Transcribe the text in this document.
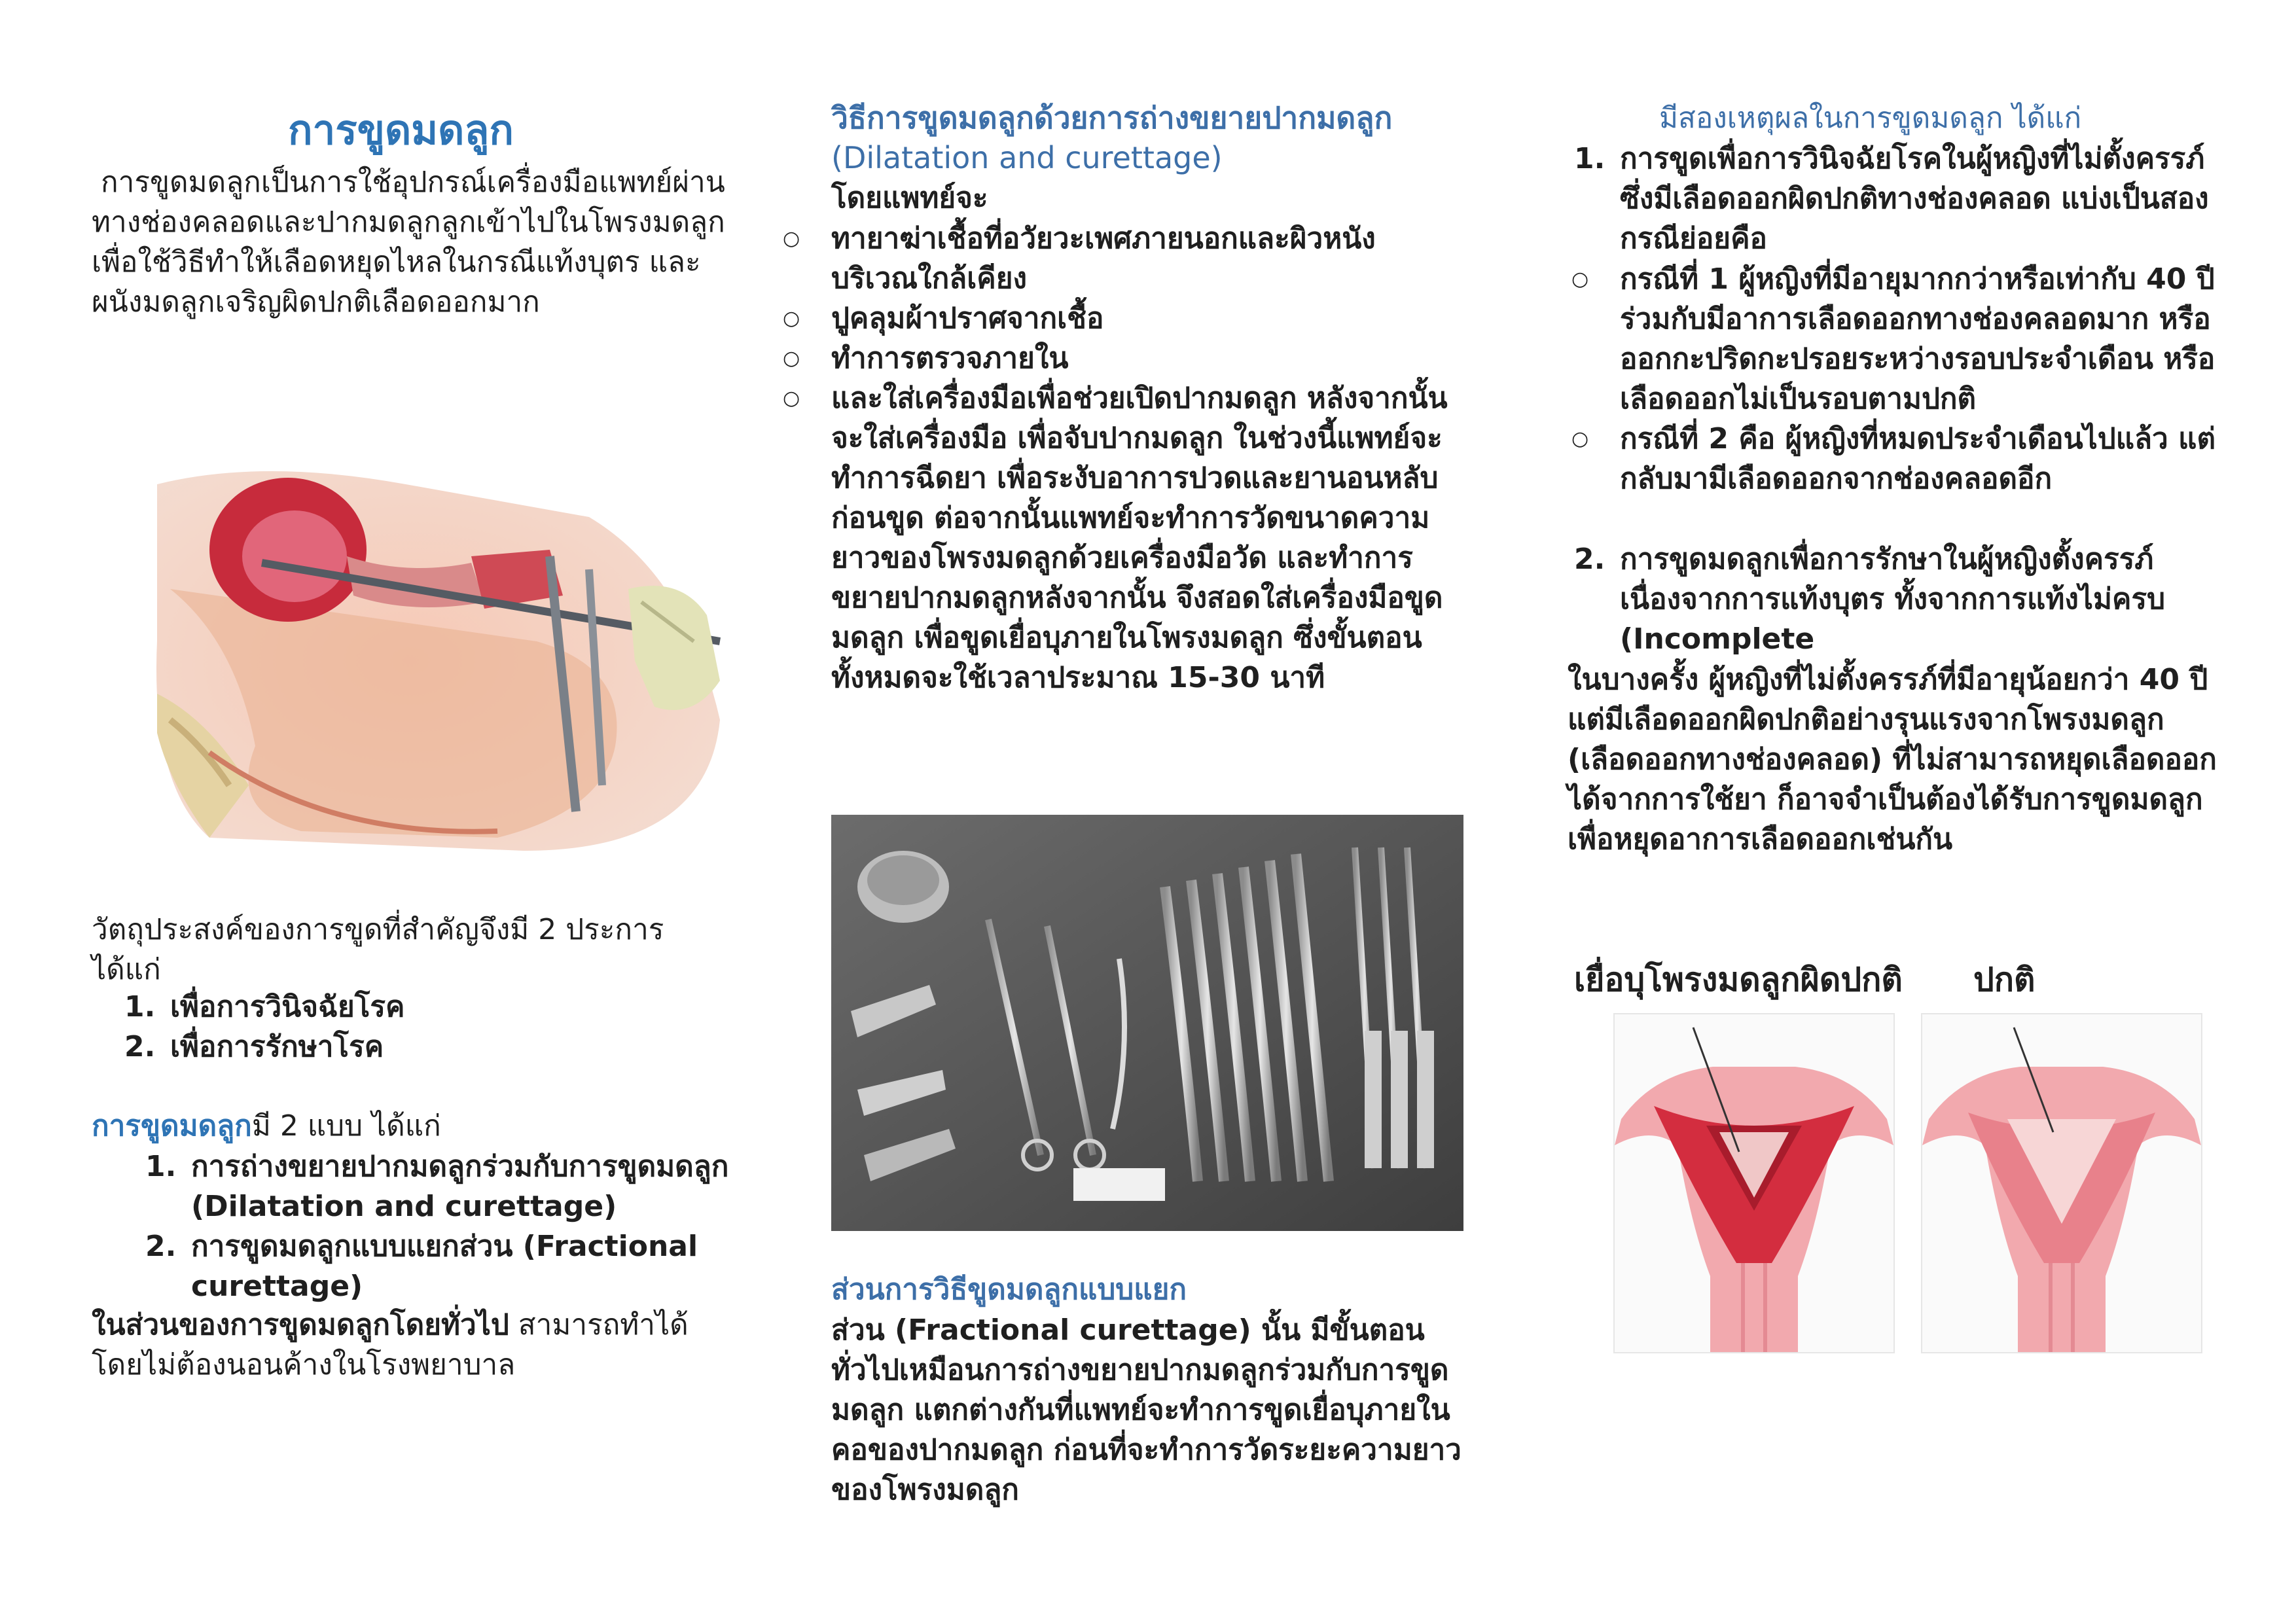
การขูดมดลูก
การขูดมดลูกเป็นการใช้อุปกรณ์เครื่องมือแพทย์ผ่านทางช่องคลอดและปากมดลูกลูกเข้าไปในโพรงมดลูก เพื่อใช้วิธีทำให้เลือดหยุดไหลในกรณีแท้งบุตร และผนังมดลูกเจริญผิดปกติเลือดออกมาก
วัตถุประสงค์ของการขูดที่สำคัญจึงมี 2 ประการ ได้แก่
1. เพื่อการวินิจฉัยโรค
2. เพื่อการรักษาโรค
การขูดมดลูกมี 2 แบบ ได้แก่
1. การถ่างขยายปากมดลูกร่วมกับการขูดมดลูก (Dilatation and curettage)
2. การขูดมดลูกแบบแยกส่วน (Fractional curettage)
ในส่วนของการขูดมดลูกโดยทั่วไป สามารถทำได้โดยไม่ต้องนอนค้างในโรงพยาบาล
วิธีการขูดมดลูกด้วยการถ่างขยายปากมดลูก (Dilatation and curettage)
โดยแพทย์จะ
○ ทายาฆ่าเชื้อที่อวัยวะเพศภายนอกและผิวหนังบริเวณใกล้เคียง
○ ปูคลุมผ้าปราศจากเชื้อ
○ ทำการตรวจภายใน
○ และใส่เครื่องมือเพื่อช่วยเปิดปากมดลูก หลังจากนั้น จะใส่เครื่องมือ เพื่อจับปากมดลูก ในช่วงนี้แพทย์จะทำการฉีดยา เพื่อระงับอาการปวดและยานอนหลับก่อนขูด ต่อจากนั้นแพทย์จะทำการวัดขนาดความยาวของโพรงมดลูกด้วยเครื่องมือวัด และทำการขยายปากมดลูกหลังจากนั้น จึงสอดใส่เครื่องมือขูดมดลูก เพื่อขูดเยื่อบุภายในโพรงมดลูก ซึ่งขั้นตอนทั้งหมดจะใช้เวลาประมาณ 15-30 นาที
ส่วนการวิธีขูดมดลูกแบบแยก
ส่วน (Fractional curettage) นั้น มีขั้นตอนทั่วไปเหมือนการถ่างขยายปากมดลูกร่วมกับการขูดมดลูก แตกต่างกันที่แพทย์จะทำการขูดเยื่อบุภายในคอของปากมดลูก ก่อนที่จะทำการวัดระยะความยาวของโพรงมดลูก
มีสองเหตุผลในการขูดมดลูก ได้แก่
1. การขูดเพื่อการวินิจฉัยโรคในผู้หญิงที่ไม่ตั้งครรภ์ซึ่งมีเลือดออกผิดปกติทางช่องคลอด แบ่งเป็นสองกรณีย่อยคือ
○ กรณีที่ 1 ผู้หญิงที่มีอายุมากกว่าหรือเท่ากับ 40 ปีร่วมกับมีอาการเลือดออกทางช่องคลอดมาก หรือออกกะปริดกะปรอยระหว่างรอบประจำเดือน หรือเลือดออกไม่เป็นรอบตามปกติ
○ กรณีที่ 2 คือ ผู้หญิงที่หมดประจำเดือนไปแล้ว แต่กลับมามีเลือดออกจากช่องคลอดอีก
2. การขูดมดลูกเพื่อการรักษาในผู้หญิงตั้งครรภ์ เนื่องจากการแท้งบุตร ทั้งจากการแท้งไม่ครบ (Incomplete
ในบางครั้ง ผู้หญิงที่ไม่ตั้งครรภ์ที่มีอายุน้อยกว่า 40 ปี แต่มีเลือดออกผิดปกติอย่างรุนแรงจากโพรงมดลูก (เลือดออกทางช่องคลอด) ที่ไม่สามารถหยุดเลือดออกได้จากการใช้ยา ก็อาจจำเป็นต้องได้รับการขูดมดลูกเพื่อหยุดอาการเลือดออกเช่นกัน
เยื่อบุโพรงมดลูกผิดปกติ ปกติ
